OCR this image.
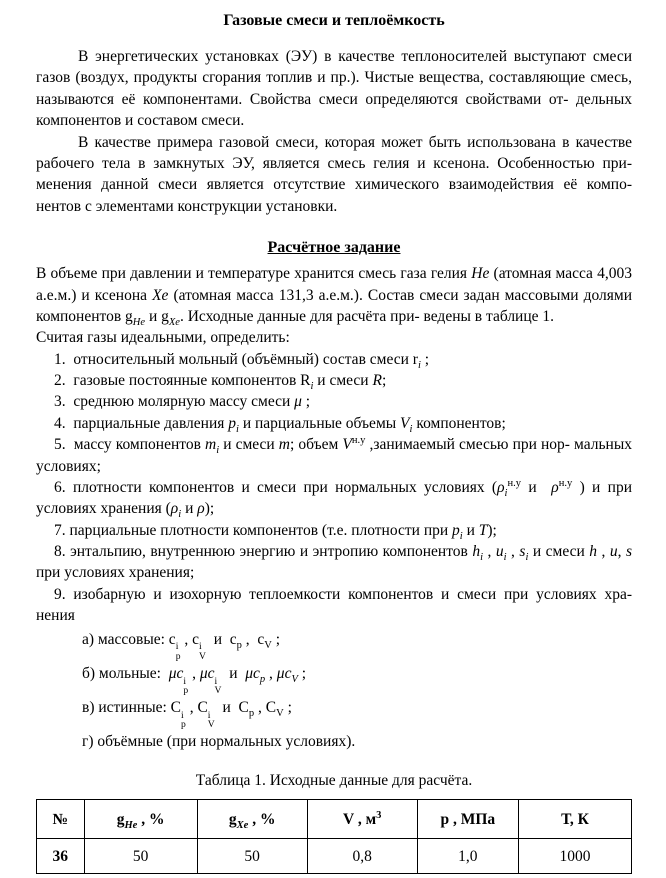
Газовые смеси и теплоёмкость

В энергетических установках (ЭУ) в качестве теплоносителей выступают смеси газов (воздух, продукты сгорания топлив и пр.). Чистые вещества, составляющие смесь, называются её компонентами. Свойства смеси определяются свойствами от- дельных компонентов и составом смеси.

В качестве примера газовой смеси, которая может быть использована в качестве рабочего тела в замкнутых ЭУ, является смесь гелия и ксенона. Особенностью при- менения данной смеси является отсутствие химического взаимодействия её компо- нентов с элементами конструкции установки.

Расчётное задание

В объеме при давлении и температуре хранится смесь газа гелия He (атомная масса 4,003 а.е.м.) и ксенона Xe (атомная масса 131,3 а.е.м.). Состав смеси задан массовыми долями компонентов $g_{He}$ и $g_{Xe}$. Исходные данные для расчёта при- ведены в таблице 1.

Считая газы идеальными, определить:

1.  относительный мольный (объёмный) состав смеси $r_i$ ;
2.  газовые постоянные компонентов $R_i$ и смеси R;
3.  среднюю молярную массу смеси μ ;
4.  парциальные давления $p_i$ и парциальные объемы $V_i$ компонентов;
5.  массу компонентов $m_i$ и смеси m; объем $V^{н.у}$ ,занимаемый смесью при нор- мальных условиях;
6. плотности компонентов и смеси при нормальных условиях ($\rho_i^{н.у}$ и  $\rho^{н.у}$ ) и при условиях хранения ($\rho_i$ и ρ);
7. парциальные плотности компонентов (т.е. плотности при $p_i$ и T);
8. энтальпию, внутреннюю энергию и энтропию компонентов $h_i$ , $u_i$ , $s_i$ и смеси h , u, s при условиях хранения;
9. изобарную и изохорную теплоемкости компонентов и смеси при условиях хра- нения
а) массовые: c i
p
, c i
V
и  $c_p$ ,  $c_V$ ;
б) мольные:  μc i
p
, μc i
V
и  $\mu c_p$ , $\mu c_V$ ;
в) истинные: C i
p
, C i
V
и  $C_p$ , $C_V$ ;
г) объёмные (при нормальных условиях).

Таблица 1. Исходные данные для расчёта.

№	$g_{He}$ , %	$g_{Xe}$ , %	V , $м^3$	p , МПа	Т, К
36	50	50	0,8	1,0	1000
